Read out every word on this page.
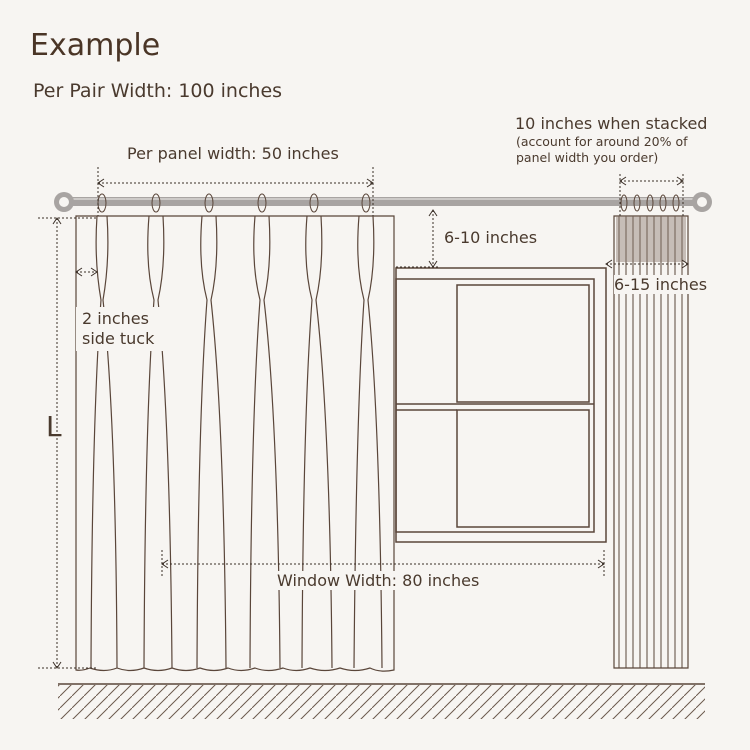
Example
Per Pair Width: 100 inches
Per panel width: 50 inches
10 inches when stacked
(account for around 20% of panel width you order)
6-10 inches
6-15 inches
2 inches side tuck
L
Window Width: 80 inches
